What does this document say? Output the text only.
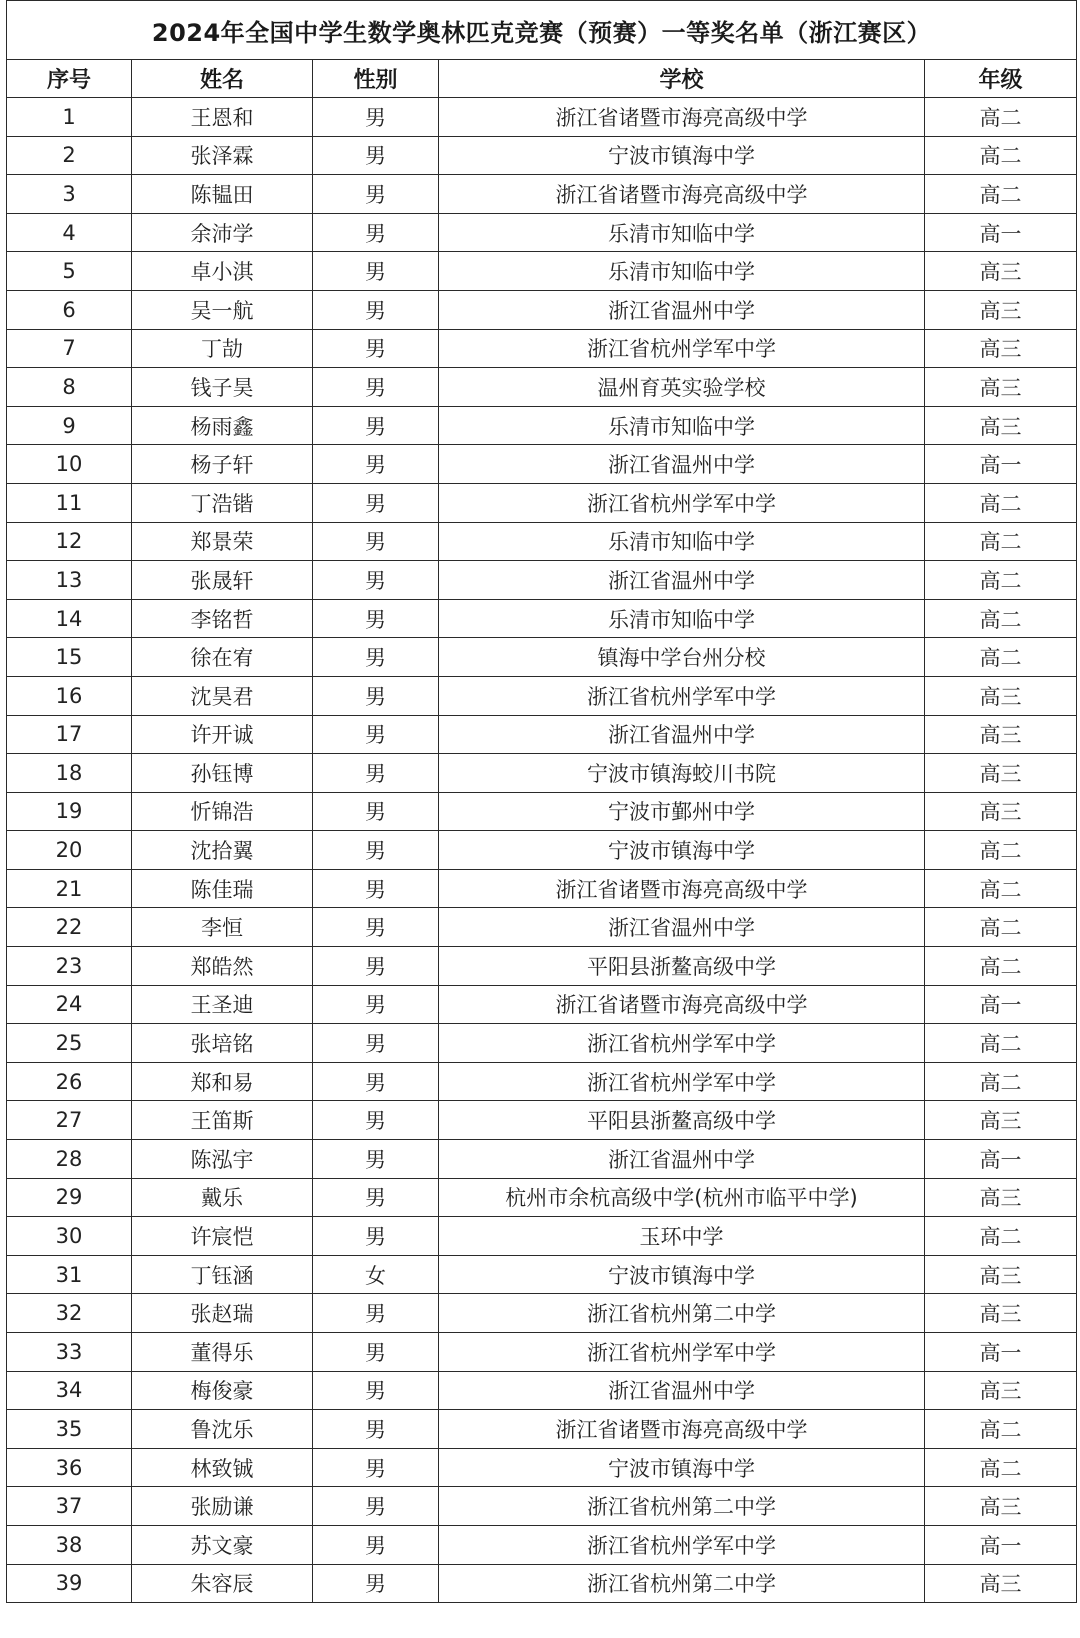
2024年全国中学生数学奥林匹克竞赛（预赛）一等奖名单（浙江赛区）				
序号	姓名	性别	学校	年级
1	王恩和	男	浙江省诸暨市海亮高级中学	高二
2	张泽霖	男	宁波市镇海中学	高二
3	陈韫田	男	浙江省诸暨市海亮高级中学	高二
4	余沛学	男	乐清市知临中学	高一
5	卓小淇	男	乐清市知临中学	高三
6	吴一航	男	浙江省温州中学	高三
7	丁劼	男	浙江省杭州学军中学	高三
8	钱子昊	男	温州育英实验学校	高三
9	杨雨鑫	男	乐清市知临中学	高三
10	杨子轩	男	浙江省温州中学	高一
11	丁浩锴	男	浙江省杭州学军中学	高二
12	郑景荣	男	乐清市知临中学	高二
13	张晟轩	男	浙江省温州中学	高二
14	李铭哲	男	乐清市知临中学	高二
15	徐在宥	男	镇海中学台州分校	高二
16	沈昊君	男	浙江省杭州学军中学	高三
17	许开诚	男	浙江省温州中学	高三
18	孙钰博	男	宁波市镇海蛟川书院	高三
19	忻锦浩	男	宁波市鄞州中学	高三
20	沈拾翼	男	宁波市镇海中学	高二
21	陈佳瑞	男	浙江省诸暨市海亮高级中学	高二
22	李恒	男	浙江省温州中学	高二
23	郑皓然	男	平阳县浙鳌高级中学	高二
24	王圣迪	男	浙江省诸暨市海亮高级中学	高一
25	张培铭	男	浙江省杭州学军中学	高二
26	郑和易	男	浙江省杭州学军中学	高二
27	王笛斯	男	平阳县浙鳌高级中学	高三
28	陈泓宇	男	浙江省温州中学	高一
29	戴乐	男	杭州市余杭高级中学(杭州市临平中学)	高三
30	许宸恺	男	玉环中学	高二
31	丁钰涵	女	宁波市镇海中学	高三
32	张赵瑞	男	浙江省杭州第二中学	高三
33	董得乐	男	浙江省杭州学军中学	高一
34	梅俊豪	男	浙江省温州中学	高三
35	鲁沈乐	男	浙江省诸暨市海亮高级中学	高二
36	林致铖	男	宁波市镇海中学	高二
37	张励谦	男	浙江省杭州第二中学	高三
38	苏文豪	男	浙江省杭州学军中学	高一
39	朱容辰	男	浙江省杭州第二中学	高三
